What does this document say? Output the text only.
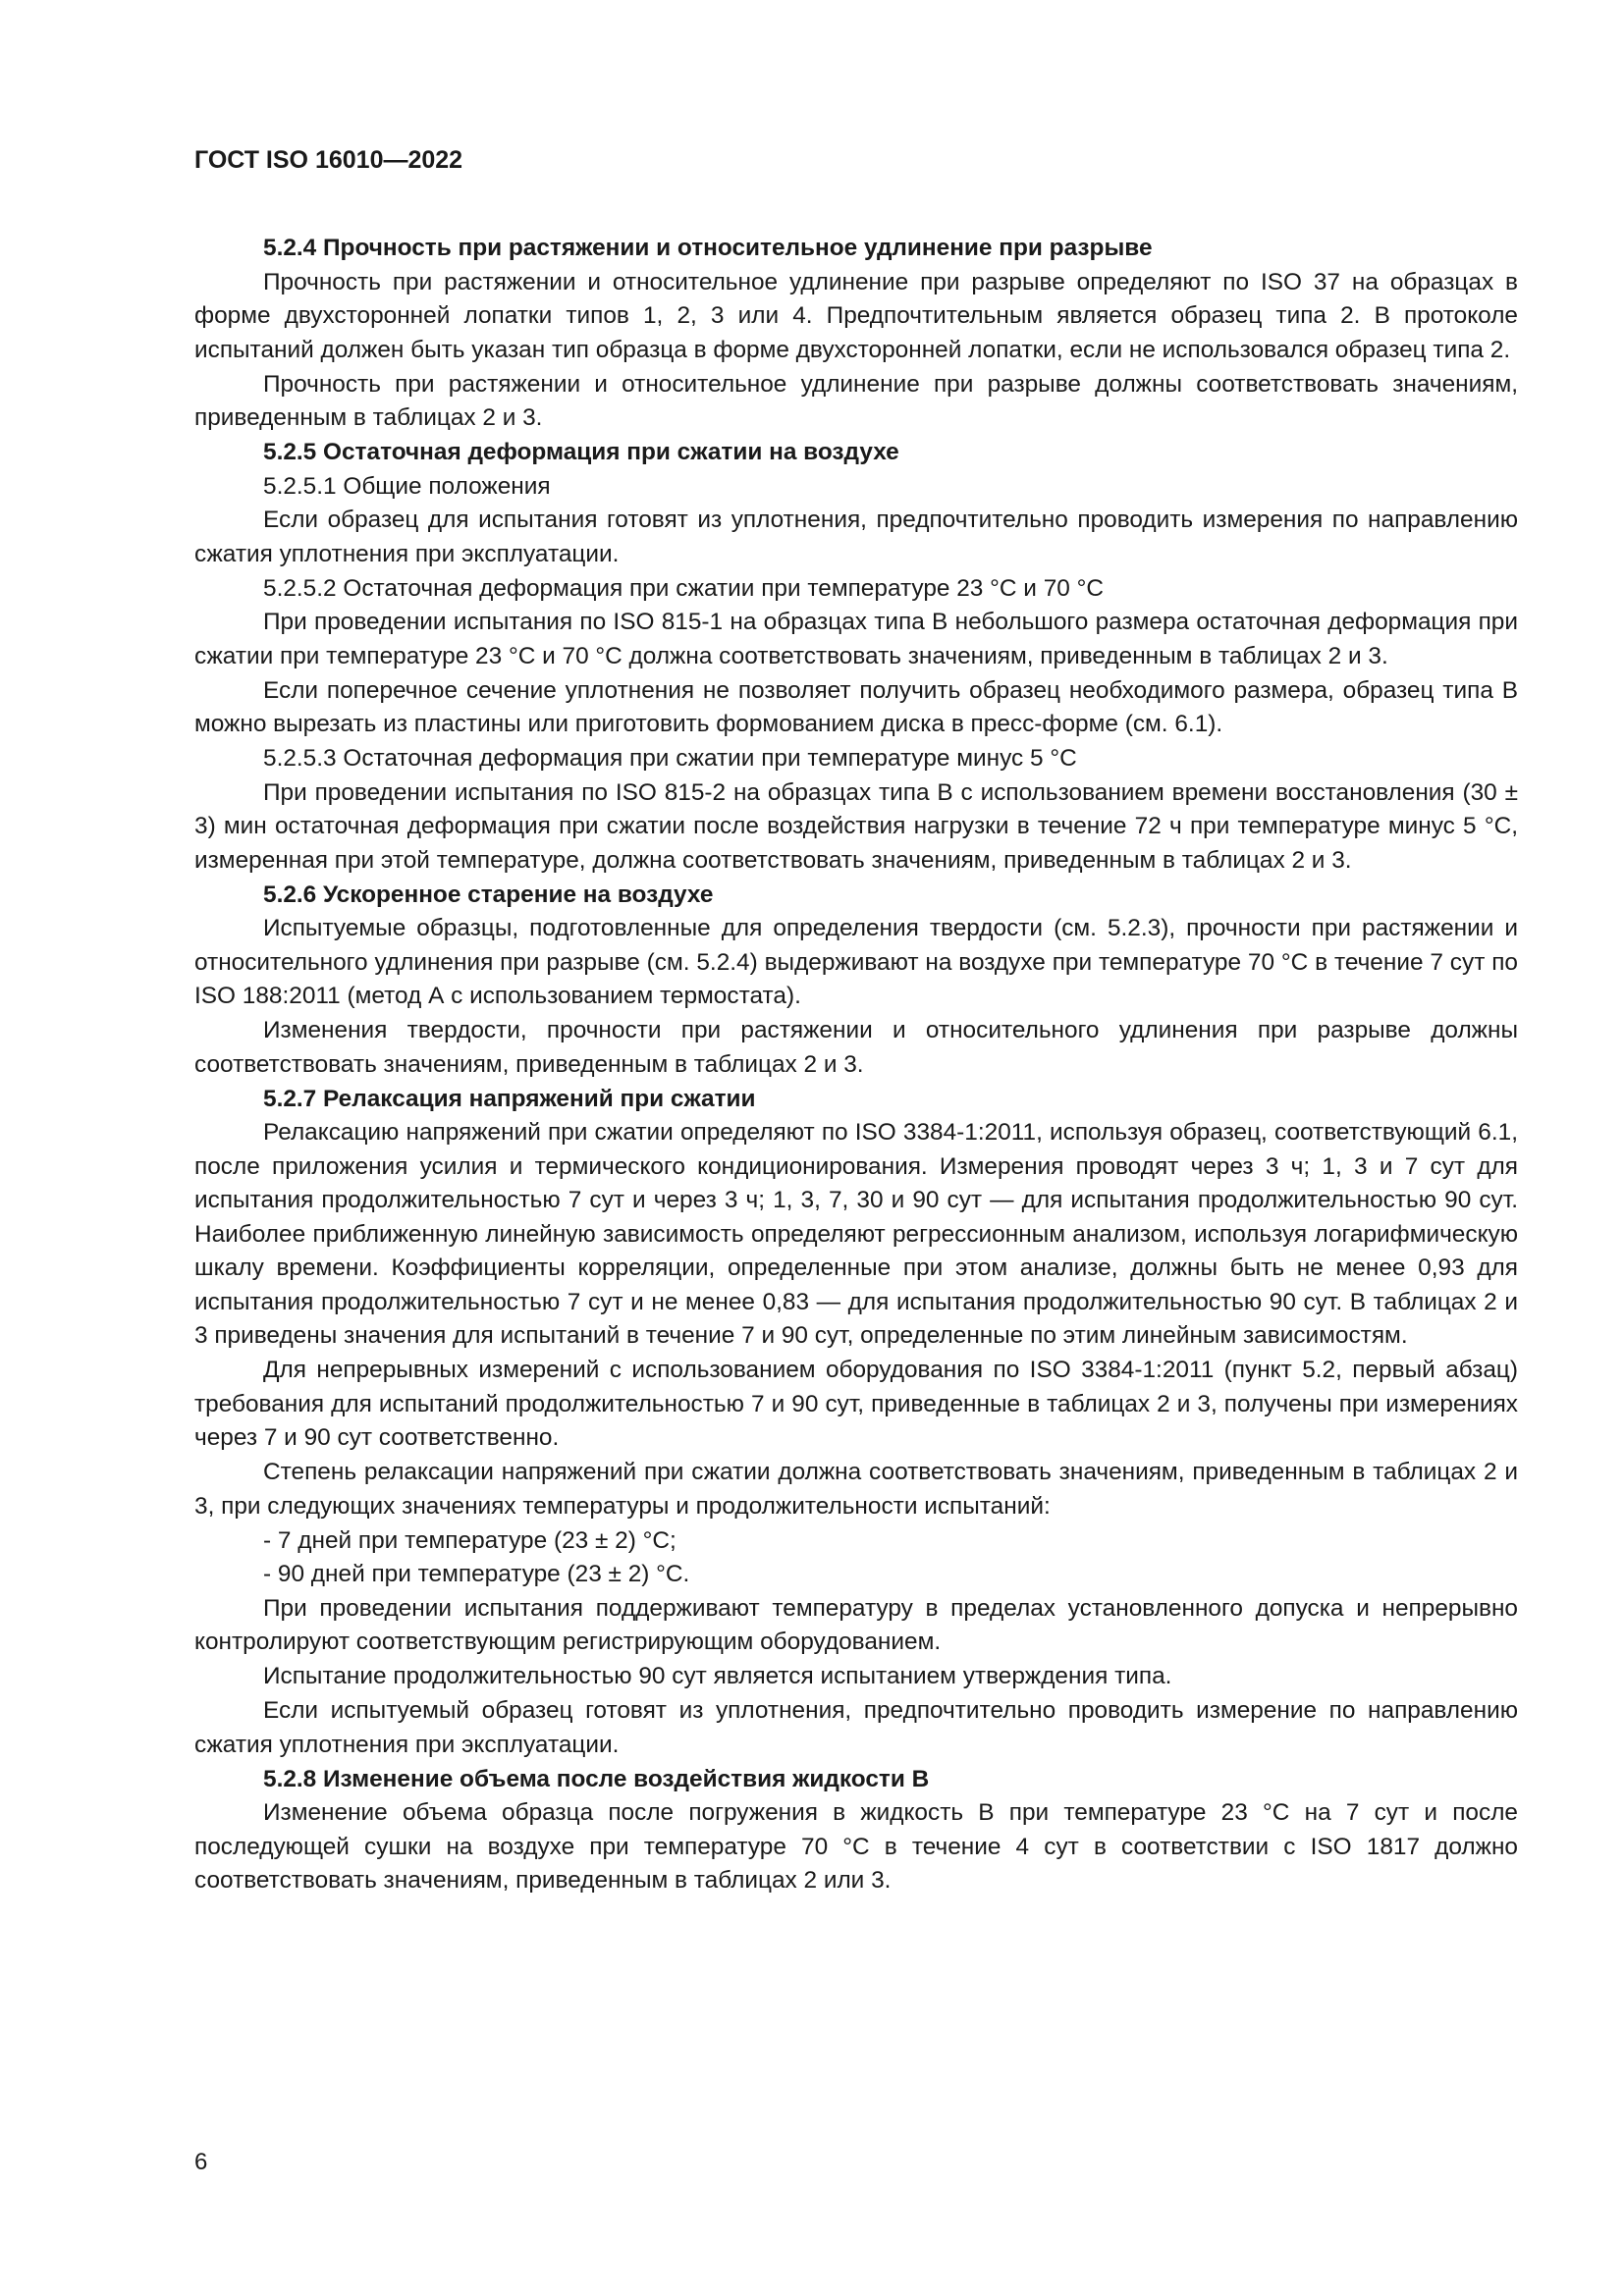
ГОСТ ISO 16010—2022

5.2.4 Прочность при растяжении и относительное удлинение при разрыве

Прочность при растяжении и относительное удлинение при разрыве определяют по ISO 37 на образцах в форме двухсторонней лопатки типов 1, 2, 3 или 4. Предпочтительным является образец типа 2. В протоколе испытаний должен быть указан тип образца в форме двухсторонней лопатки, если не использовался образец типа 2.

Прочность при растяжении и относительное удлинение при разрыве должны соответствовать значениям, приведенным в таблицах 2 и 3.

5.2.5 Остаточная деформация при сжатии на воздухе

5.2.5.1 Общие положения

Если образец для испытания готовят из уплотнения, предпочтительно проводить измерения по направлению сжатия уплотнения при эксплуатации.

5.2.5.2 Остаточная деформация при сжатии при температуре 23 °С и 70 °С

При проведении испытания по ISO 815-1 на образцах типа В небольшого размера остаточная деформация при сжатии при температуре 23 °С и 70 °С должна соответствовать значениям, приведенным в таблицах 2 и 3.

Если поперечное сечение уплотнения не позволяет получить образец необходимого размера, образец типа В можно вырезать из пластины или приготовить формованием диска в пресс-форме (см. 6.1).

5.2.5.3 Остаточная деформация при сжатии при температуре минус 5 °С

При проведении испытания по ISO 815-2 на образцах типа В с использованием времени восстановления (30 ± 3) мин остаточная деформация при сжатии после воздействия нагрузки в течение 72 ч при температуре минус 5 °С, измеренная при этой температуре, должна соответствовать значениям, приведенным в таблицах 2 и 3.

5.2.6 Ускоренное старение на воздухе

Испытуемые образцы, подготовленные для определения твердости (см. 5.2.3), прочности при растяжении и относительного удлинения при разрыве (см. 5.2.4) выдерживают на воздухе при температуре 70 °С в течение 7 сут по ISO 188:2011 (метод А с использованием термостата).

Изменения твердости, прочности при растяжении и относительного удлинения при разрыве должны соответствовать значениям, приведенным в таблицах 2 и 3.

5.2.7 Релаксация напряжений при сжатии

Релаксацию напряжений при сжатии определяют по ISO 3384-1:2011, используя образец, соответствующий 6.1, после приложения усилия и термического кондиционирования. Измерения проводят через 3 ч; 1, 3 и 7 сут для испытания продолжительностью 7 сут и через 3 ч; 1, 3, 7, 30 и 90 сут — для испытания продолжительностью 90 сут. Наиболее приближенную линейную зависимость определяют регрессионным анализом, используя логарифмическую шкалу времени. Коэффициенты корреляции, определенные при этом анализе, должны быть не менее 0,93 для испытания продолжительностью 7 сут и не менее 0,83 — для испытания продолжительностью 90 сут. В таблицах 2 и 3 приведены значения для испытаний в течение 7 и 90 сут, определенные по этим линейным зависимостям.

Для непрерывных измерений с использованием оборудования по ISO 3384-1:2011 (пункт 5.2, первый абзац) требования для испытаний продолжительностью 7 и 90 сут, приведенные в таблицах 2 и 3, получены при измерениях через 7 и 90 сут соответственно.

Степень релаксации напряжений при сжатии должна соответствовать значениям, приведенным в таблицах 2 и 3, при следующих значениях температуры и продолжительности испытаний:

- 7 дней при температуре (23 ± 2) °С;

- 90 дней при температуре (23 ± 2) °С.

При проведении испытания поддерживают температуру в пределах установленного допуска и непрерывно контролируют соответствующим регистрирующим оборудованием.

Испытание продолжительностью 90 сут является испытанием утверждения типа.

Если испытуемый образец готовят из уплотнения, предпочтительно проводить измерение по направлению сжатия уплотнения при эксплуатации.

5.2.8 Изменение объема после воздействия жидкости В

Изменение объема образца после погружения в жидкость В при температуре 23 °С на 7 сут и после последующей сушки на воздухе при температуре 70 °С в течение 4 сут в соответствии с ISO 1817 должно соответствовать значениям, приведенным в таблицах 2 или 3.

6
